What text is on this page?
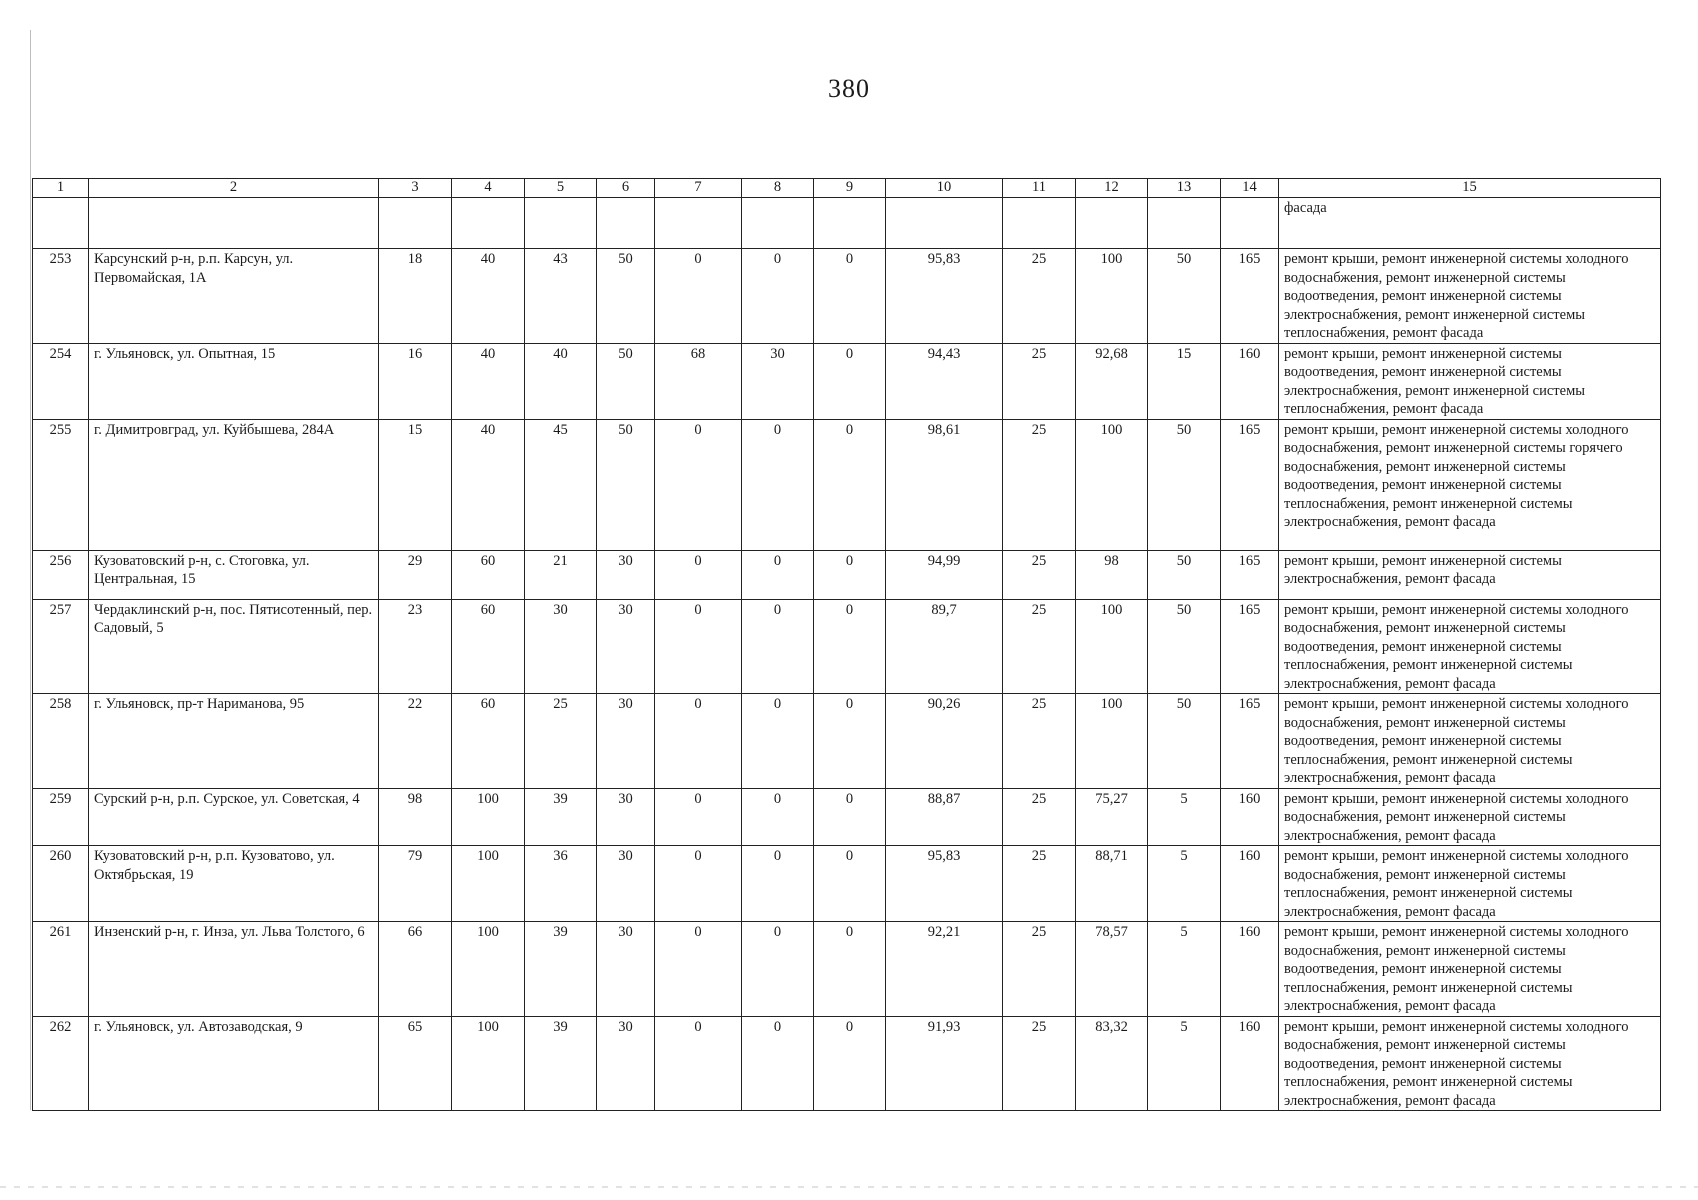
380
1	2	3	4	5	6	7	8	9	10	11	12	13	14	15
														фасада
253	Карсунский р-н, р.п. Карсун, ул. Первомайская, 1А	18	40	43	50	0	0	0	95,83	25	100	50	165	ремонт крыши, ремонт инженерной системы холодного водоснабжения, ремонт инженерной системы водоотведения, ремонт инженерной системы электроснабжения, ремонт инженерной системы теплоснабжения, ремонт фасада
254	г. Ульяновск, ул. Опытная, 15	16	40	40	50	68	30	0	94,43	25	92,68	15	160	ремонт крыши, ремонт инженерной системы водоотведения, ремонт инженерной системы электроснабжения, ремонт инженерной системы теплоснабжения, ремонт фасада
255	г. Димитровград, ул. Куйбышева, 284А	15	40	45	50	0	0	0	98,61	25	100	50	165	ремонт крыши, ремонт инженерной системы холодного водоснабжения, ремонт инженерной системы горячего водоснабжения, ремонт инженерной системы водоотведения, ремонт инженерной системы теплоснабжения, ремонт инженерной системы электроснабжения, ремонт фасада
256	Кузоватовский р-н, с. Стоговка, ул. Центральная, 15	29	60	21	30	0	0	0	94,99	25	98	50	165	ремонт крыши, ремонт инженерной системы электроснабжения, ремонт фасада
257	Чердаклинский р-н, пос. Пятисотенный, пер. Садовый, 5	23	60	30	30	0	0	0	89,7	25	100	50	165	ремонт крыши, ремонт инженерной системы холодного водоснабжения, ремонт инженерной системы водоотведения, ремонт инженерной системы теплоснабжения, ремонт инженерной системы электроснабжения, ремонт фасада
258	г. Ульяновск, пр-т Нариманова, 95	22	60	25	30	0	0	0	90,26	25	100	50	165	ремонт крыши, ремонт инженерной системы холодного водоснабжения, ремонт инженерной системы водоотведения, ремонт инженерной системы теплоснабжения, ремонт инженерной системы электроснабжения, ремонт фасада
259	Сурский р-н, р.п. Сурское, ул. Советская, 4	98	100	39	30	0	0	0	88,87	25	75,27	5	160	ремонт крыши, ремонт инженерной системы холодного водоснабжения, ремонт инженерной системы электроснабжения, ремонт фасада
260	Кузоватовский р-н, р.п. Кузоватово, ул. Октябрьская, 19	79	100	36	30	0	0	0	95,83	25	88,71	5	160	ремонт крыши, ремонт инженерной системы холодного водоснабжения, ремонт инженерной системы теплоснабжения, ремонт инженерной системы электроснабжения, ремонт фасада
261	Инзенский р-н, г. Инза, ул. Льва Толстого, 6	66	100	39	30	0	0	0	92,21	25	78,57	5	160	ремонт крыши, ремонт инженерной системы холодного водоснабжения, ремонт инженерной системы водоотведения, ремонт инженерной системы теплоснабжения, ремонт инженерной системы электроснабжения, ремонт фасада
262	г. Ульяновск, ул. Автозаводская, 9	65	100	39	30	0	0	0	91,93	25	83,32	5	160	ремонт крыши, ремонт инженерной системы холодного водоснабжения, ремонт инженерной системы водоотведения, ремонт инженерной системы теплоснабжения, ремонт инженерной системы электроснабжения, ремонт фасада
